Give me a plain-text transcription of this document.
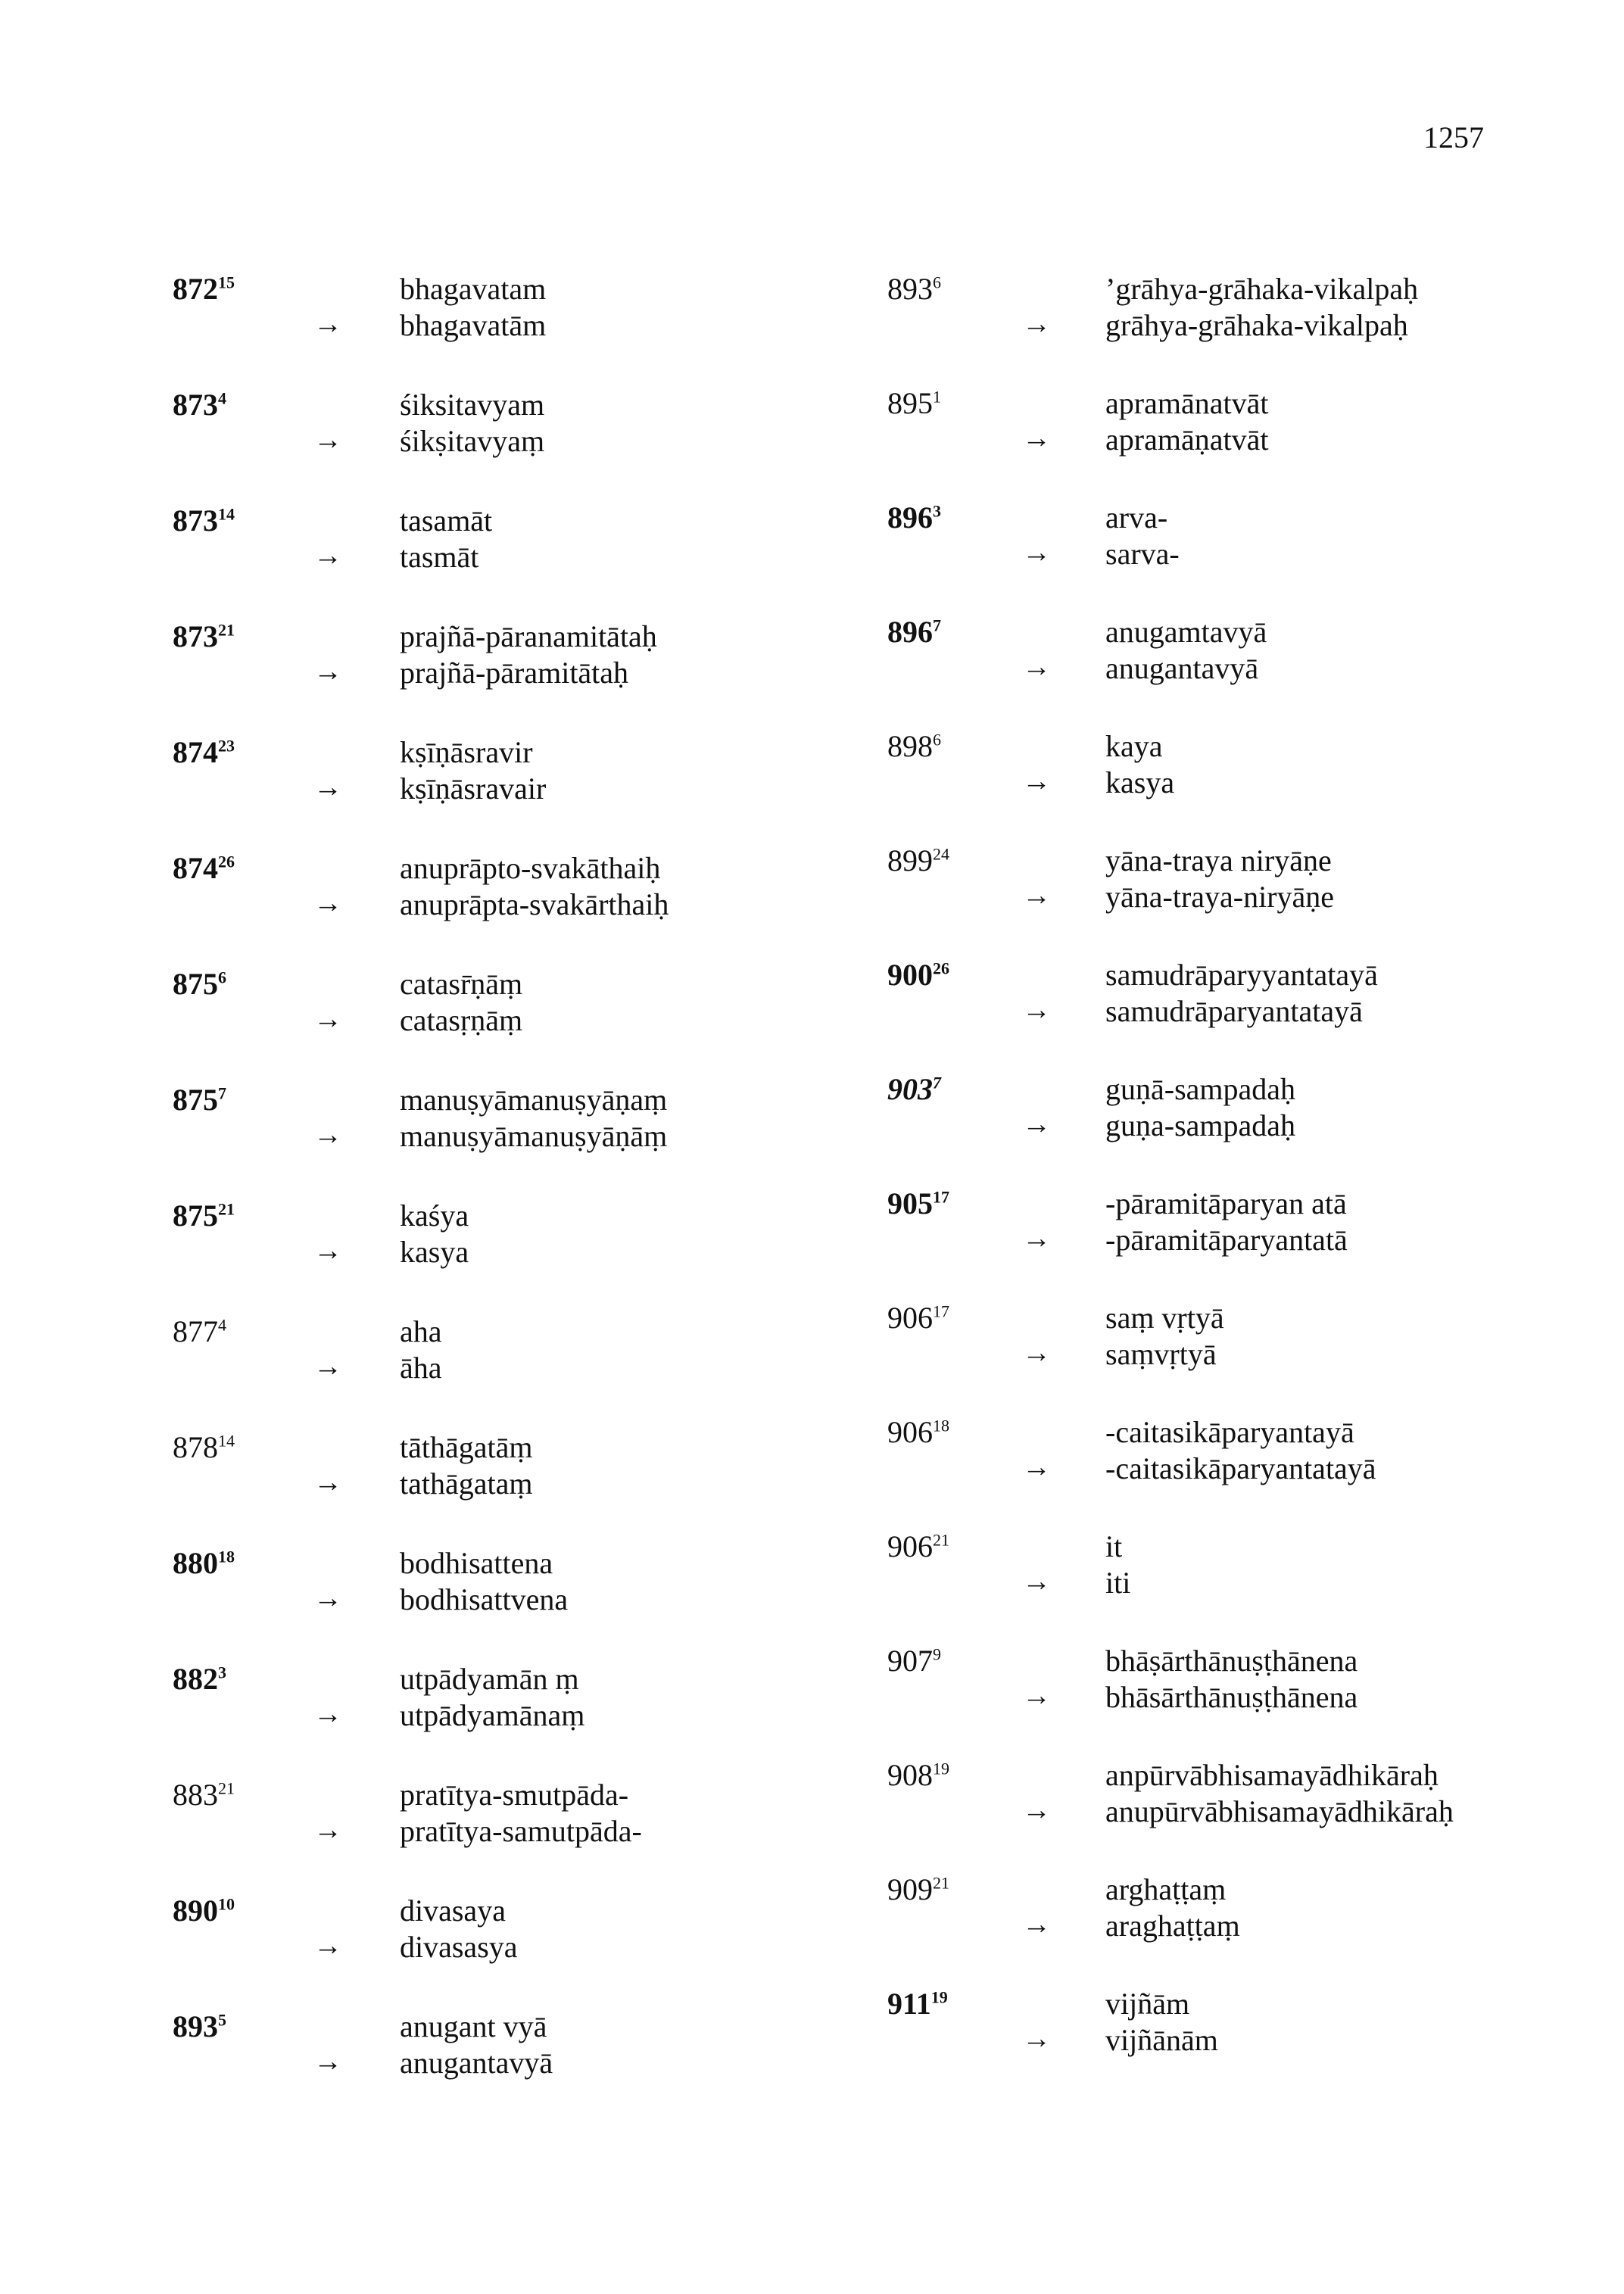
1257
$872^{15}$	bhagavatam
→ bhagavatām
$873^4$	śiksitavyam
→ śikṣitavyaṃ
$873^{14}$	tasamāt
→ tasmāt
$873^{21}$	prajñā-pāranamitātaḥ
→ prajñā-pāramitātaḥ
$874^{23}$	kṣīṇāsravir
→ kṣīṇāsravair
$874^{26}$	anuprāpto-svakāthaiḥ
→ anuprāpta-svakārthaiḥ
$875^6$	catasr̄ṇāṃ
→ catasṛṇāṃ
$875^7$	manuṣyāmanuṣyāṇaṃ
→ manuṣyāmanuṣyāṇāṃ
$875^{21}$	kaśya
→ kasya
$877^4$	aha
→ āha
$878^{14}$	tāthāgatāṃ
→ tathāgataṃ
$880^{18}$	bodhisattena
→ bodhisattvena
$882^3$	utpādyamān ṃ
→ utpādyamānaṃ
$883^{21}$	pratītya-smutpāda-
→ pratītya-samutpāda-
$890^{10}$	divasaya
→ divasasya
$893^5$	anugant vyā
→ anugantavyā
$893^6$	’grāhya-grāhaka-vikalpaḥ
→ grāhya-grāhaka-vikalpaḥ
$895^1$	apramānatvāt
→ apramāṇatvāt
$896^3$	arva-
→ sarva-
$896^7$	anugamtavyā
→ anugantavyā
$898^6$	kaya
→ kasya
$899^{24}$	yāna-traya niryāṇe
→ yāna-traya-niryāṇe
$900^{26}$	samudrāparyyantatayā
→ samudrāparyantatayā
$903^7$	guṇā-sampadaḥ
→ guṇa-sampadaḥ
$905^{17}$	-pāramitāparyan atā
→ -pāramitāparyantatā
$906^{17}$	saṃ vṛtyā
→ saṃvṛtyā
$906^{18}$	-caitasikāparyantayā
→ -caitasikāparyantatayā
$906^{21}$	it
→ iti
$907^9$	bhāṣārthānuṣṭhānena
→ bhāsārthānuṣṭhānena
$908^{19}$	anpūrvābhisamayādhikāraḥ
→ anupūrvābhisamayādhikāraḥ
$909^{21}$	arghaṭṭaṃ
→ araghaṭṭaṃ
$911^{19}$	vijñām
→ vijñānām
